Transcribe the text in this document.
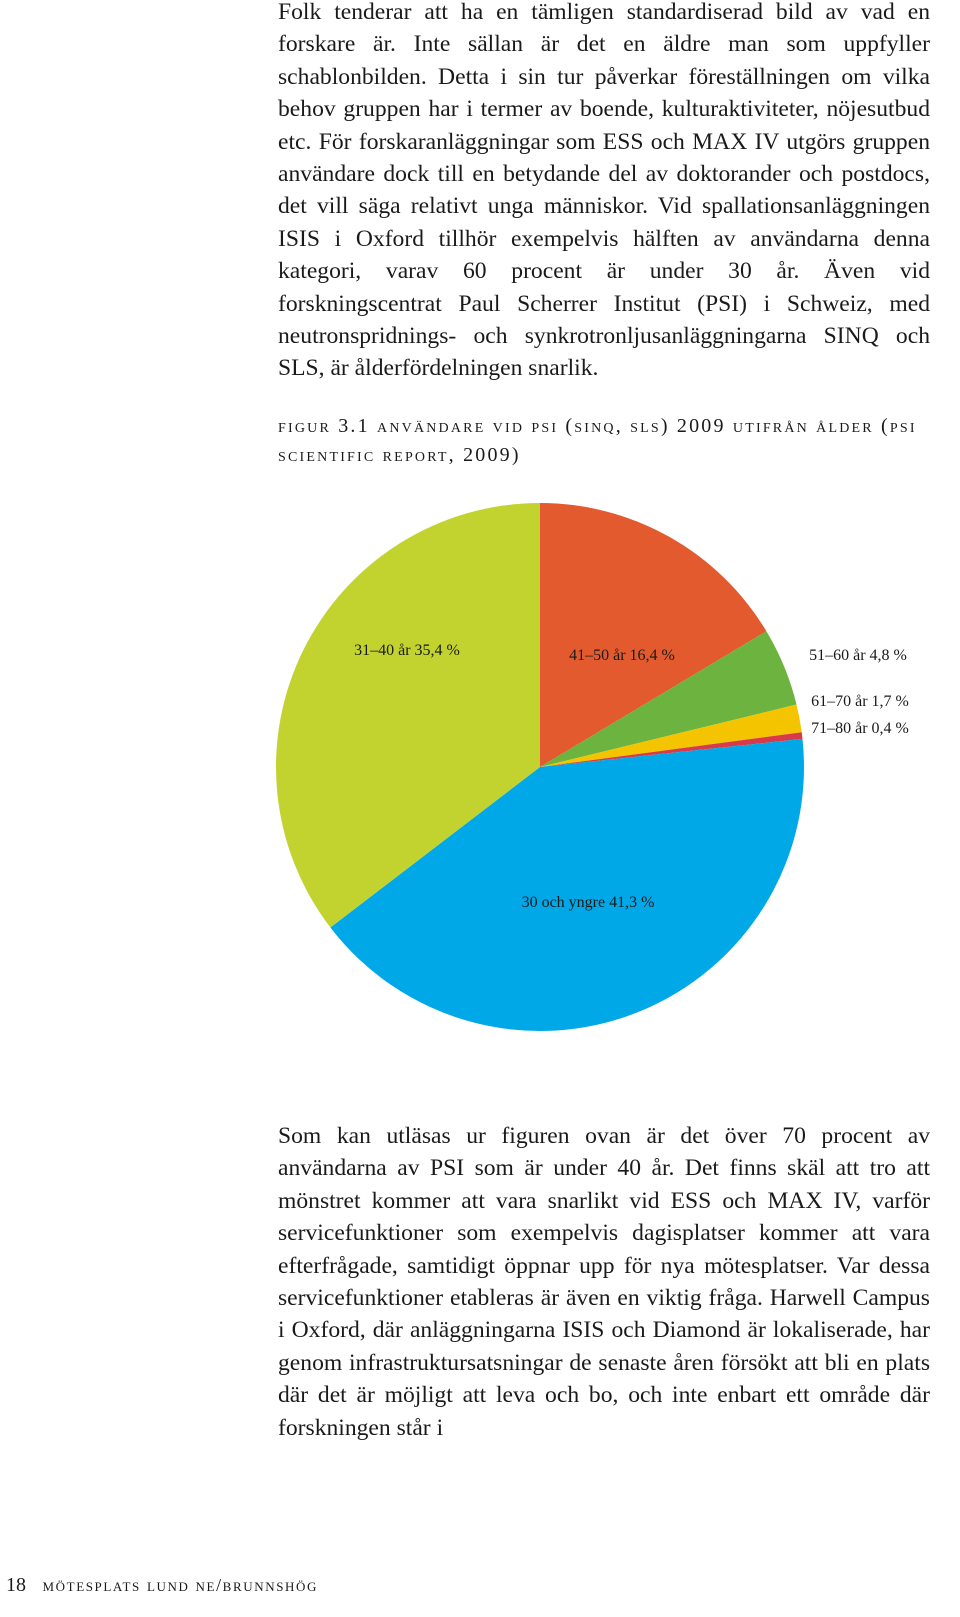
Folk tenderar att ha en tämligen standardiserad bild av vad en forskare är. Inte sällan är det en äldre man som uppfyller schablonbilden. Detta i sin tur påverkar föreställningen om vilka behov gruppen har i termer av boende, kulturaktiviteter, nöjesutbud etc. För forskaranläggningar som ESS och MAX IV utgörs gruppen användare dock till en betydande del av doktorander och postdocs, det vill säga relativt unga människor. Vid spallationsanläggningen ISIS i Oxford tillhör exempelvis hälften av användarna denna kategori, varav 60 procent är under 30 år. Även vid forskningscentrat Paul Scherrer Institut (PSI) i Schweiz, med neutronspridnings- och synkrotronljusanläggningarna SINQ och SLS, är ålderfördelningen snarlik.

figur 3.1 användare vid psi (sinq, sls) 2009 utifrån ålder (psi scientific report, 2009)

41–50 år 16,4 %	51–60 år 4,8 %
61–70 år 1,7 %
71–80 år 0,4 %
30 och yngre 41,3 %
31–40 år 35,4 %

Som kan utläsas ur figuren ovan är det över 70 procent av användarna av PSI som är under 40 år. Det finns skäl att tro att mönstret kommer att vara snarlikt vid ESS och MAX IV, varför servicefunktioner som exempelvis dagisplatser kommer att vara efterfrågade, samtidigt öppnar upp för nya mötesplatser. Var dessa servicefunktioner etableras är även en viktig fråga. Harwell Campus i Oxford, där anläggningarna ISIS och Diamond är lokaliserade, har genom infrastruktursatsningar de senaste åren försökt att bli en plats där det är möjligt att leva och bo, och inte enbart ett område där forskningen står i

18 mötesplats lund ne/brunnshög
